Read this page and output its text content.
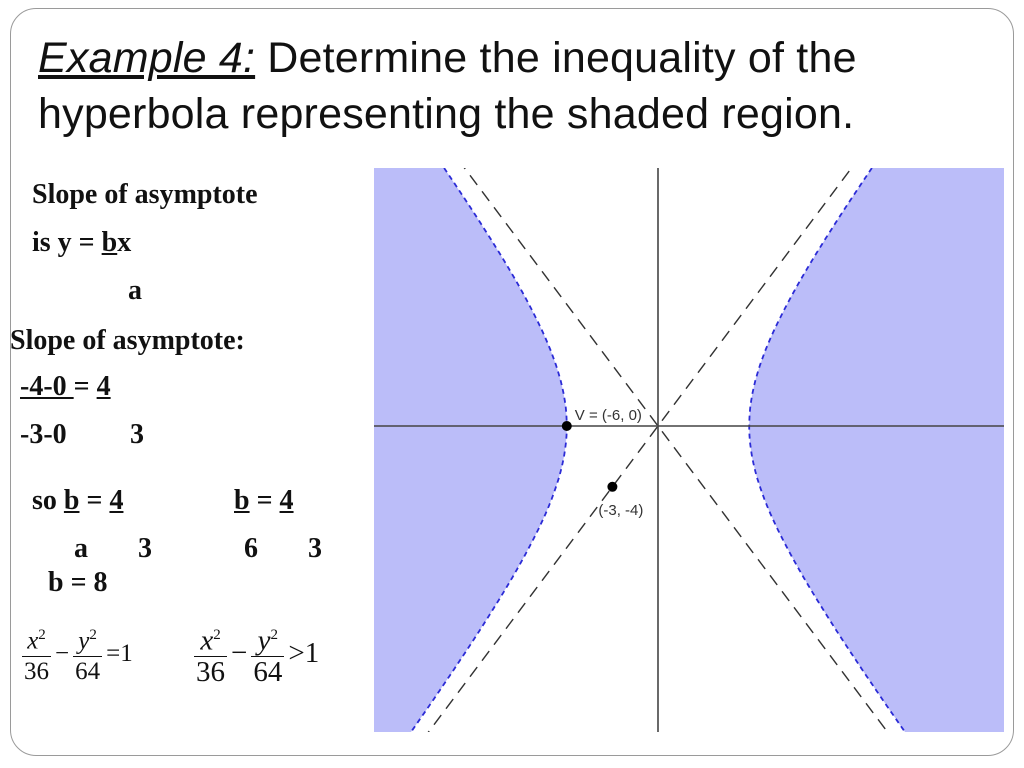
Example 4: Determine the inequality of the hyperbola representing the shaded region.
Slope of asymptote
is y = bx
a
Slope of asymptote:
-4-0 = 4
-3-0 3
so b = 4
a 3
b = 4
6 3
b = 8
$\frac{x^2}{36} - \frac{y^2}{64} =1 \frac{x^2}{36} - \frac{y^2}{64} >1$
V = (-6, 0)
(-3, -4)
